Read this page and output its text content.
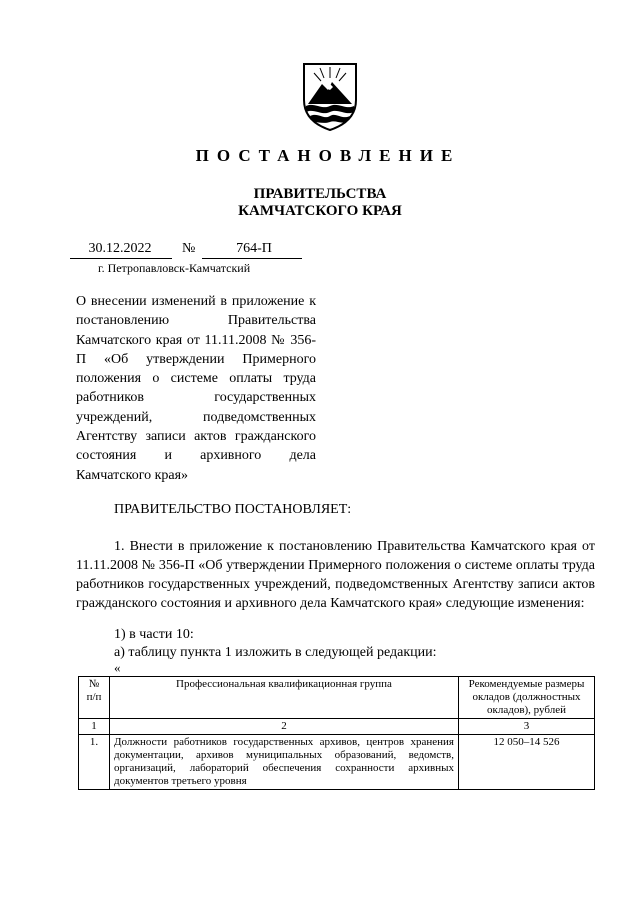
ПОСТАНОВЛЕНИЕ
ПРАВИТЕЛЬСТВА
КАМЧАТСКОГО КРАЯ
30.12.2022	№	764-П
г. Петропавловск-Камчатский
О внесении изменений в приложение к постановлению Правительства Камчатского края от 11.11.2008 № 356-П «Об утверждении Примерного положения о системе оплаты труда работников государственных учреждений, подведомственных Агентству записи актов гражданского состояния и архивного дела Камчатского края»
ПРАВИТЕЛЬСТВО ПОСТАНОВЛЯЕТ:
1. Внести в приложение к постановлению Правительства Камчатского края от 11.11.2008 № 356-П «Об утверждении Примерного положения о системе оплаты труда работников государственных учреждений, подведомственных Агентству записи актов гражданского состояния и архивного дела Камчатского края» следующие изменения:
1) в части 10:
а) таблицу пункта 1 изложить в следующей редакции:
«
№ п/п	Профессиональная квалификационная группа	Рекомендуемые размеры окладов (должностных окладов), рублей
1	2	3
1.	Должности работников государственных архивов, центров хранения документации, архивов муниципальных образований, ведомств, организаций, лабораторий обеспечения сохранности архивных документов третьего уровня	12 050–14 526
